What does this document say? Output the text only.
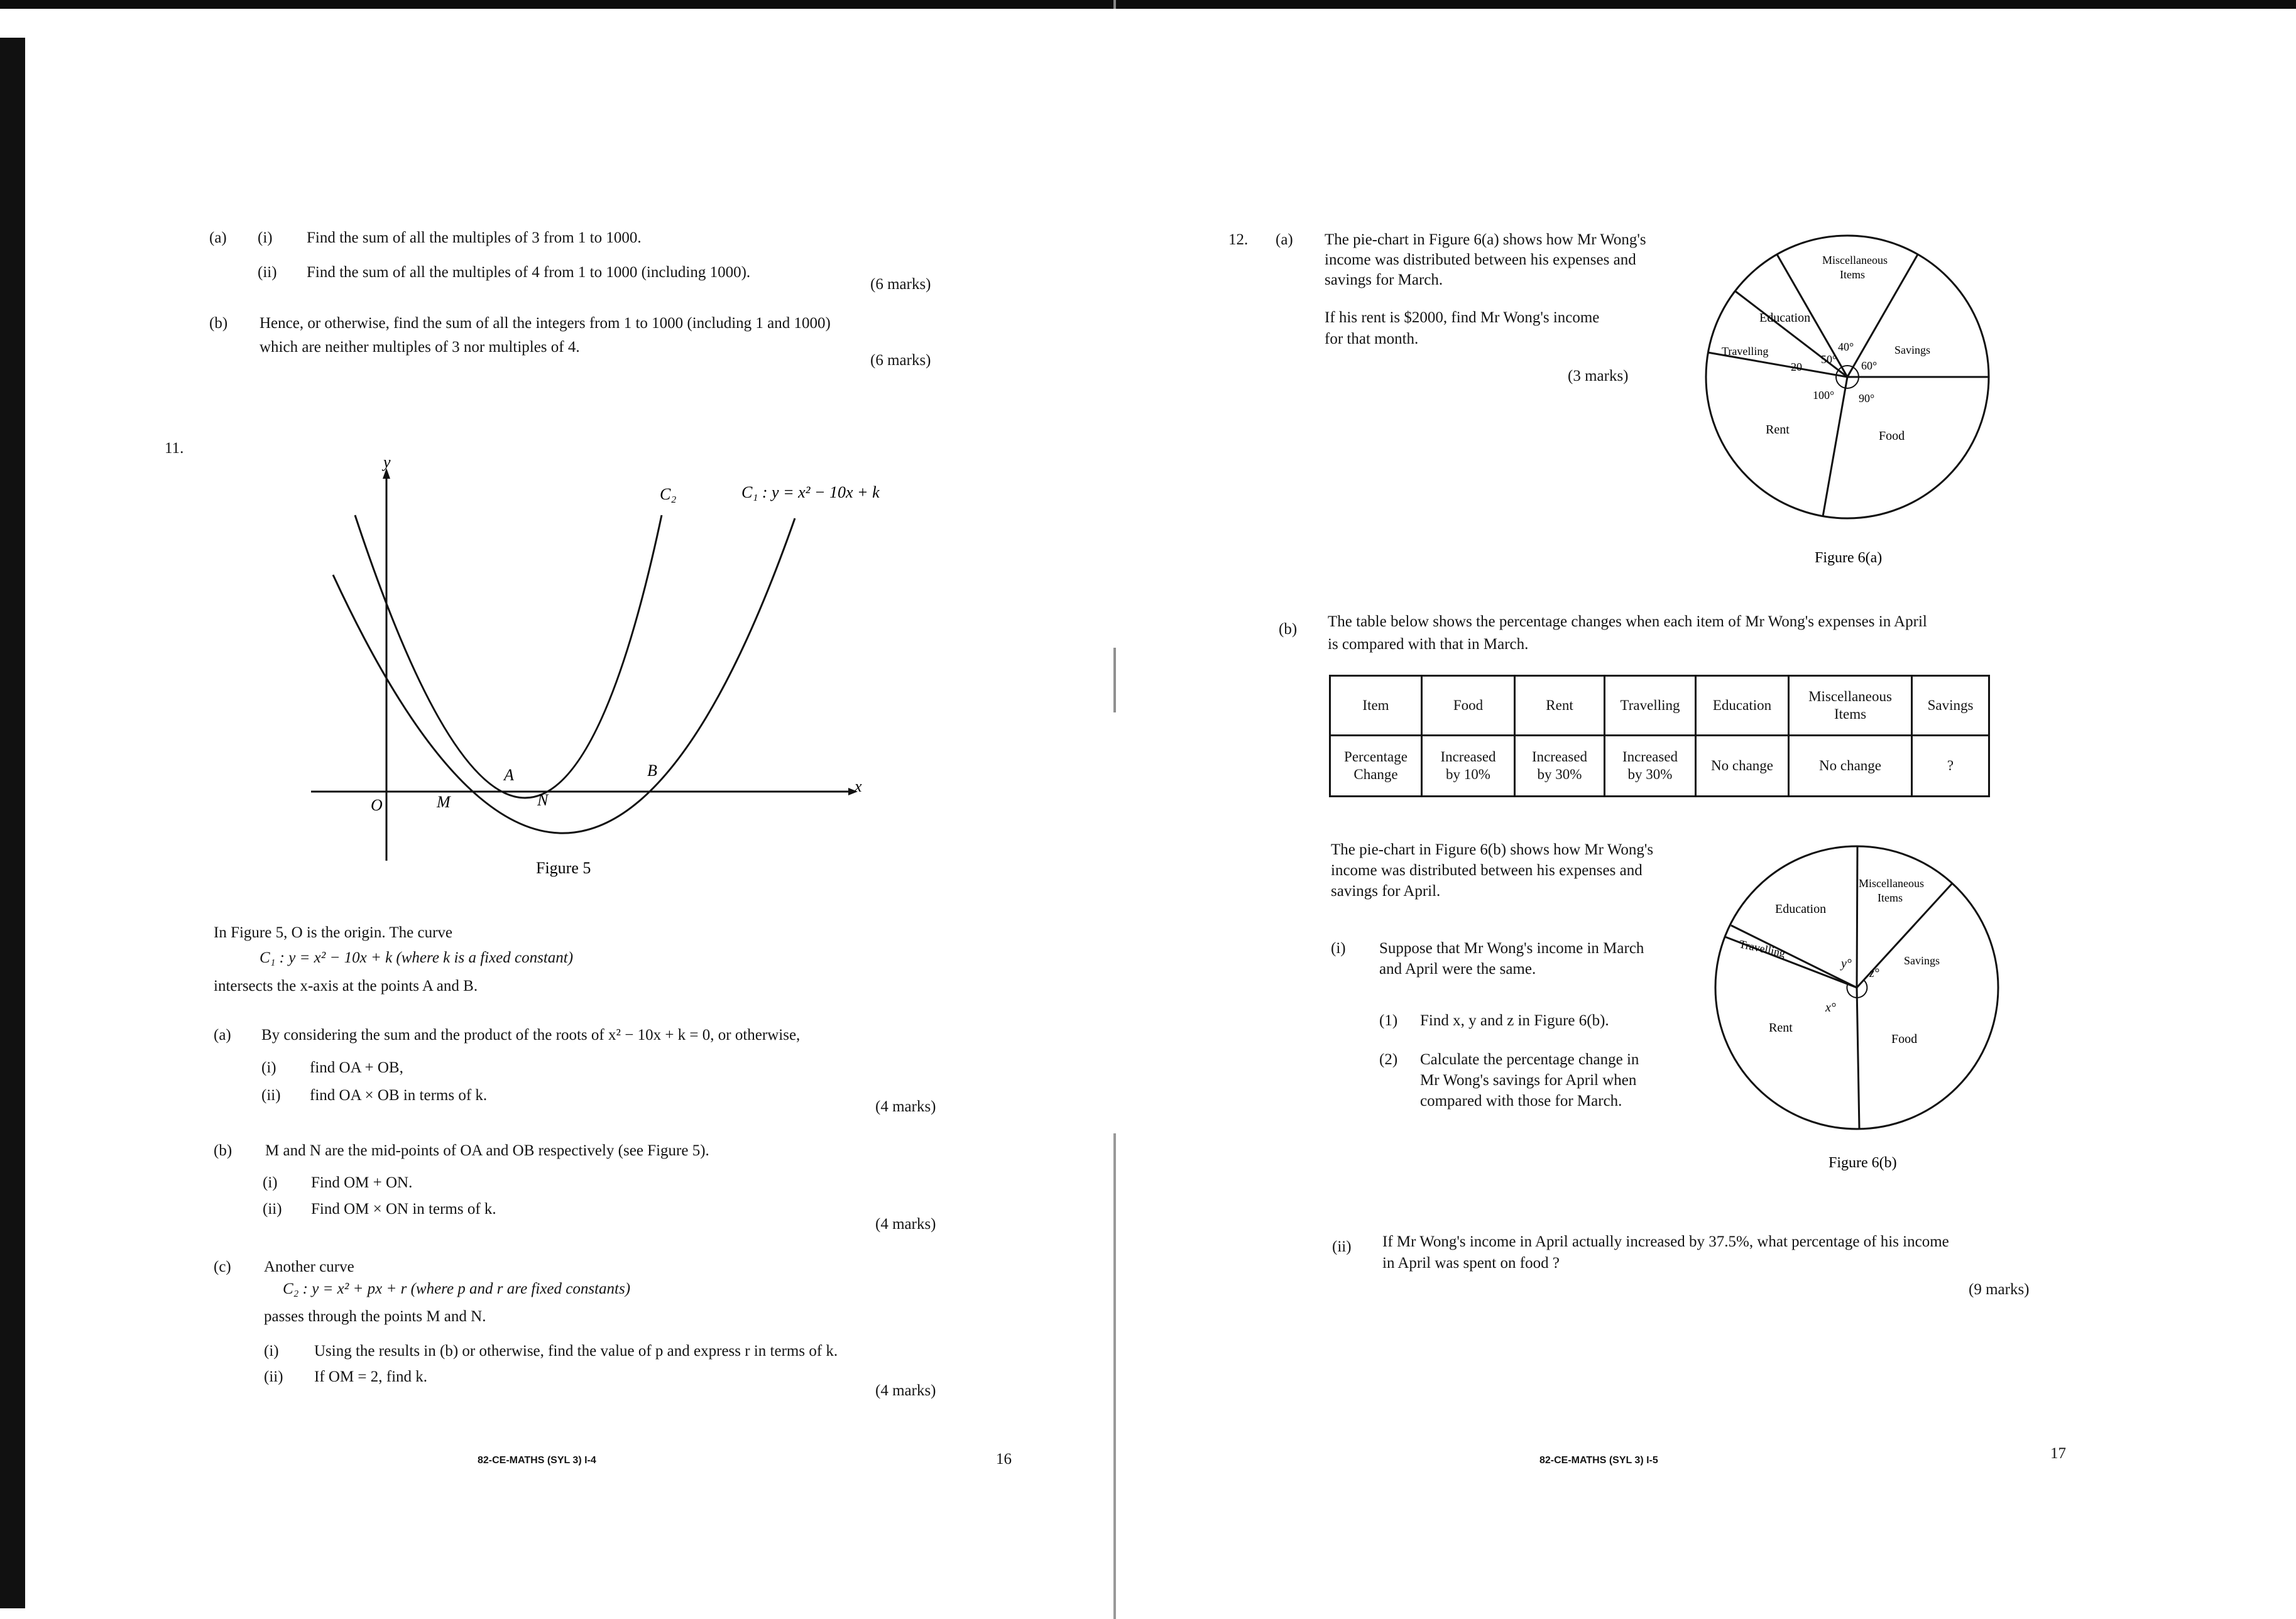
(a) (i) Find the sum of all the multiples of 3 from 1 to 1000.
(ii) Find the sum of all the multiples of 4 from 1 to 1000 (including 1000).
(6 marks)
(b) Hence, or otherwise, find the sum of all the integers from 1 to 1000 (including 1 and 1000)
which are neither multiples of 3 nor multiples of 4.
(6 marks)
11.
y
x
C₂	C₁ : y = x² − 10x + k
O	M	N
A	B
Figure 5
In Figure 5, O is the origin. The curve
C₁ : y = x² − 10x + k (where k is a fixed constant)
intersects the x-axis at the points A and B.
(a) By considering the sum and the product of the roots of x² − 10x + k = 0, or otherwise,
(i) find OA + OB,
(ii) find OA × OB in terms of k.
(4 marks)
(b) M and N are the mid-points of OA and OB respectively (see Figure 5).
(i) Find OM + ON.
(ii) Find OM × ON in terms of k.
(4 marks)
(c) Another curve
C₂ : y = x² + px + r (where p and r are fixed constants)
passes through the points M and N.
(i) Using the results in (b) or otherwise, find the value of p and express r in terms of k.
(ii) If OM = 2, find k.
(4 marks)
82-CE-MATHS (SYL 3) I-4	16
12. (a) The pie-chart in Figure 6(a) shows how Mr Wong's
income was distributed between his expenses and
savings for March.
If his rent is $2000, find Mr Wong's income
for that month.
(3 marks)
Miscellaneous
Items
Education
Travelling	Savings
Rent	Food
20
50°
40°
60°
90°
100°
Figure 6(a)
(b) The table below shows the percentage changes when each item of Mr Wong's expenses in April
is compared with that in March.
Item	Food	Rent	Travelling	Education	Miscellaneous Items	Savings
Percentage Change	Increased by 10%	Increased by 30%	Increased by 30%	No change	No change	?
The pie-chart in Figure 6(b) shows how Mr Wong's
income was distributed between his expenses and
savings for April.
(i) Suppose that Mr Wong's income in March
and April were the same.
(1) Find x, y and z in Figure 6(b).
(2) Calculate the percentage change in
Mr Wong's savings for April when
compared with those for March.
Miscellaneous
Items
Education
Travelling
Savings
Rent
Food
x°
y°
z°
Figure 6(b)
(ii) If Mr Wong's income in April actually increased by 37.5%, what percentage of his income
in April was spent on food ?
(9 marks)
82-CE-MATHS (SYL 3) I-5	17
